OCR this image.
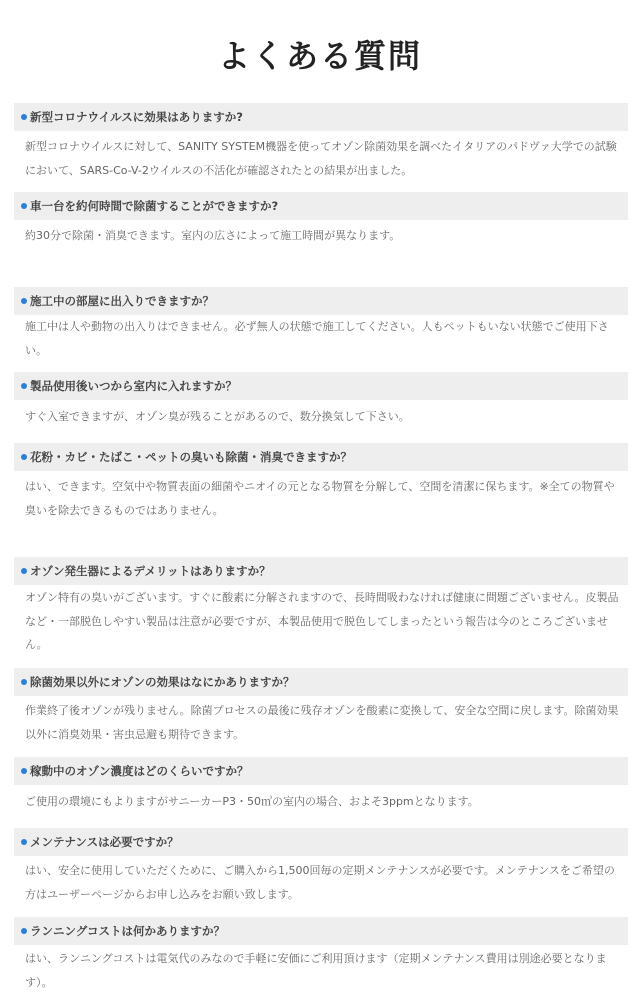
よくある質問
新型コロナウイルスに効果はありますか?

新型コロナウイルスに対して、SANITY SYSTEM機器を使ってオゾン除菌効果を調べたイタリアのパドヴァ大学での試験において、SARS-Co-V-2ウイルスの不活化が確認されたとの結果が出ました。

車一台を約何時間で除菌することができますか?

約30分で除菌・消臭できます。室内の広さによって施工時間が異なります。

施工中の部屋に出入りできますか？

施工中は人や動物の出入りはできません。必ず無人の状態で施工してください。人もペットもいない状態でご使用下さい。

製品使用後いつから室内に入れますか？

すぐ入室できますが、オゾン臭が残ることがあるので、数分換気して下さい。

花粉・カビ・たばこ・ペットの臭いも除菌・消臭できますか？

はい、できます。空気中や物質表面の細菌やニオイの元となる物質を分解して、空間を清潔に保ちます。※全ての物質や臭いを除去できるものではありません。

オゾン発生器によるデメリットはありますか？

オゾン特有の臭いがございます。すぐに酸素に分解されますので、長時間吸わなければ健康に問題ございません。皮製品など・一部脱色しやすい製品は注意が必要ですが、本製品使用で脱色してしまったという報告は今のところございません。

除菌効果以外にオゾンの効果はなにかありますか？

作業終了後オゾンが残りません。除菌プロセスの最後に残存オゾンを酸素に変換して、安全な空間に戻します。除菌効果以外に消臭効果・害虫忌避も期待できます。

稼動中のオゾン濃度はどのくらいですか？

ご使用の環境にもよりますがサニーカーP3・50㎥の室内の場合、およそ3ppmとなります。

メンテナンスは必要ですか？

はい、安全に使用していただくために、ご購入から1,500回毎の定期メンテナンスが必要です。メンテナンスをご希望の方はユーザーページからお申し込みをお願い致します。

ランニングコストは何かありますか？

はい、ランニングコストは電気代のみなので手軽に安価にご利用頂けます（定期メンテナンス費用は別途必要となります）。
